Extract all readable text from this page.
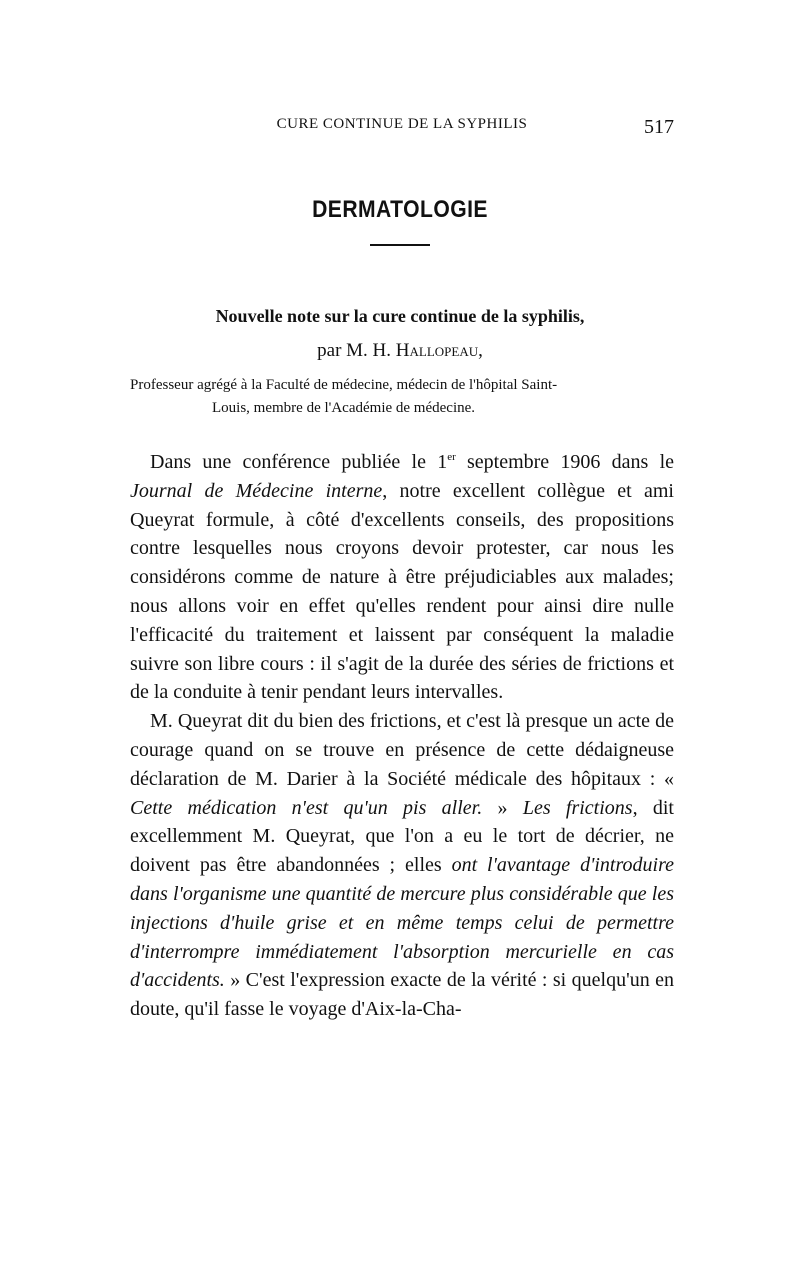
CURE CONTINUE DE LA SYPHILIS	517
DERMATOLOGIE
Nouvelle note sur la cure continue de la syphilis,
par M. H. Hallopeau,
Professeur agrégé à la Faculté de médecine, médecin de l'hôpital Saint-
Louis, membre de l'Académie de médecine.

Dans une conférence publiée le 1er septembre 1906 dans le Journal de Médecine interne, notre excellent collègue et ami Queyrat formule, à côté d'excellents conseils, des propositions contre lesquelles nous croyons devoir protester, car nous les considérons comme de nature à être préjudiciables aux malades; nous allons voir en effet qu'elles rendent pour ainsi dire nulle l'efficacité du traitement et laissent par conséquent la maladie suivre son libre cours : il s'agit de la durée des séries de frictions et de la conduite à tenir pendant leurs intervalles.

M. Queyrat dit du bien des frictions, et c'est là presque un acte de courage quand on se trouve en présence de cette dédaigneuse déclaration de M. Darier à la Société médicale des hôpitaux : « Cette médication n'est qu'un pis aller. » Les frictions, dit excellemment M. Queyrat, que l'on a eu le tort de décrier, ne doivent pas être abandonnées ; elles ont l'avantage d'introduire dans l'organisme une quantité de mercure plus considérable que les injections d'huile grise et en même temps celui de permettre d'interrompre immédiatement l'absorption mercurielle en cas d'accidents. » C'est l'expression exacte de la vérité : si quelqu'un en doute, qu'il fasse le voyage d'Aix-la-Cha-
